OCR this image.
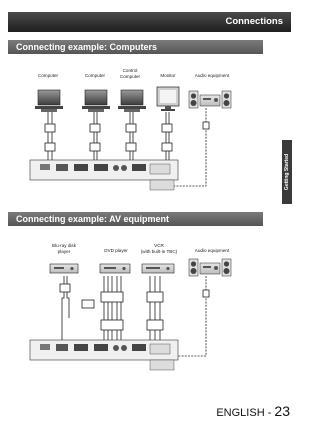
Connections
Connecting example: Computers
Connecting example: AV equipment
Getting Started
Computer	Computer
Control
Computer	Monitor	Audio equipment
Blu-ray disk
player	DVD player
VCR
(with built-in TBC)	Audio equipment
ENGLISH - 23
